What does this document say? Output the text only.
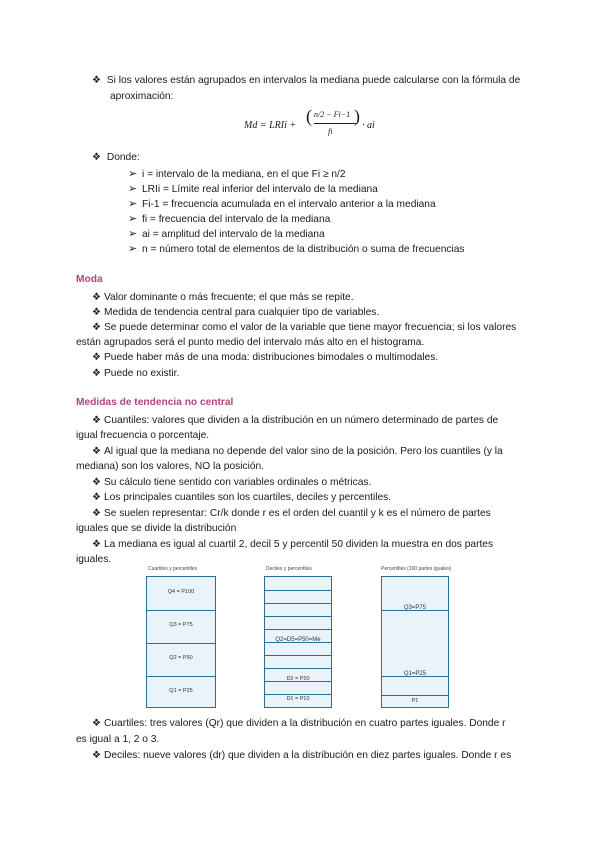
❖ Si los valores están agrupados en intervalos la mediana puede calcularse con la fórmula de
aproximación:
Md = LRIi + ( n/2 − Fi−1
fi
) · ai
❖ Donde:
➢ i = intervalo de la mediana, en el que Fi ≥ n/2
➢ LRIi = Límite real inferior del intervalo de la mediana
➢ Fi-1 = frecuencia acumulada en el intervalo anterior a la mediana
➢ fi = frecuencia del intervalo de la mediana
➢ ai = amplitud del intervalo de la mediana
➢ n = número total de elementos de la distribución o suma de frecuencias
Moda
❖ Valor dominante o más frecuente; el que más se repite.
❖ Medida de tendencia central para cualquier tipo de variables.
❖ Se puede determinar como el valor de la variable que tiene mayor frecuencia; si los valores
están agrupados será el punto medio del intervalo más alto en el histograma.
❖ Puede haber más de una moda: distribuciones bimodales o multimodales.
❖ Puede no existir.
Medidas de tendencia no central
❖ Cuantiles: valores que dividen a la distribución en un número determinado de partes de
igual frecuencia o porcentaje.
❖ Al igual que la mediana no depende del valor sino de la posición. Pero los cuantiles (y la
mediana) son los valores, NO la posición.
❖ Su cálculo tiene sentido con variables ordinales o métricas.
❖ Los principales cuantiles son los cuartiles, deciles y percentiles.
❖ Se suelen representar: Cr/k donde r es el orden del cuantil y k es el número de partes
iguales que se divide la distribución
❖ La mediana es igual al cuartil 2, decil 5 y percentil 50 dividen la muestra en dos partes
iguales.
Cuartiles y percentiles
Q4 = P100
Q3 = P75
Q2 = P50
Q1 = P25
Deciles y percentiles
Q2=D5=P50=Me
D2 = P20
D1 = P10
Percentiles (100 partes iguales)
Q3=P75
Q1=P25
P1
❖ Cuartiles: tres valores (Qr) que dividen a la distribución en cuatro partes iguales. Donde r
es igual a 1, 2 o 3.
❖ Deciles: nueve valores (dr) que dividen a la distribución en diez partes iguales. Donde r es
